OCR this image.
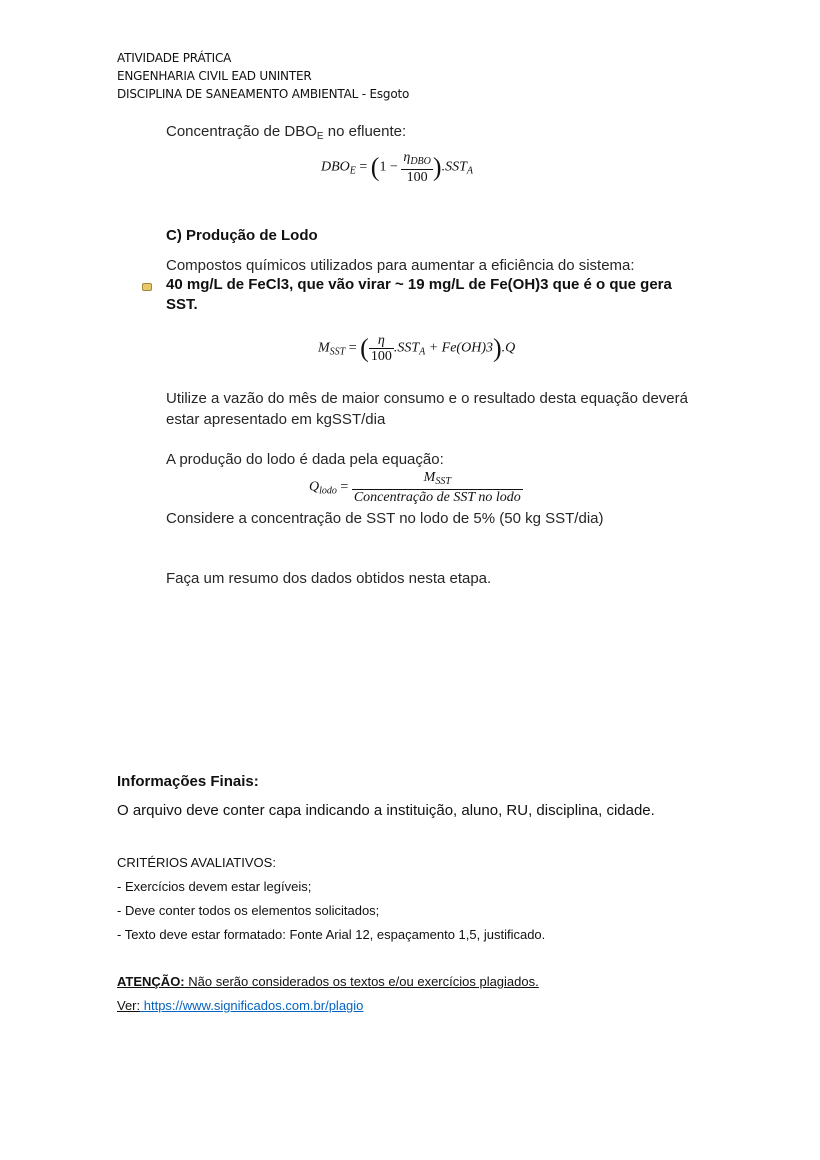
ATIVIDADE PRÁTICA
ENGENHARIA CIVIL EAD UNINTER
DISCIPLINA DE SANEAMENTO AMBIENTAL - Esgoto
Concentração de $DBO_E$ no efluente:
$DBO_E = (1 - \frac{\eta_{DBO}}{100} ).SST_A$
C) Produção de Lodo
Compostos químicos utilizados para aumentar a eficiência do sistema:
40 mg/L de FeCl3, que vão virar ~ 19 mg/L de Fe(OH)3 que é o que gera
SST.
$M_{SST}$ = ( $\frac{\eta}{100} .SST_A + Fe(OH)3).Q$
Utilize a vazão do mês de maior consumo e o resultado desta equação deverá
estar apresentado em kgSST/dia
A produção do lodo é dada pela equação:
$Q_{lodo} = \frac{M_{SST}}{\text{Concentração de SST no lodo}}$
Considere a concentração de SST no lodo de 5% (50 kg SST/dia)
Faça um resumo dos dados obtidos nesta etapa.
Informações Finais:
O arquivo deve conter capa indicando a instituição, aluno, RU, disciplina, cidade.
CRITÉRIOS AVALIATIVOS:
- Exercícios devem estar legíveis;
- Deve conter todos os elementos solicitados;
- Texto deve estar formatado: Fonte Arial 12, espaçamento 1,5, justificado.
ATENÇÃO: Não serão considerados os textos e/ou exercícios plagiados.
Ver: https://www.significados.com.br/plagio
